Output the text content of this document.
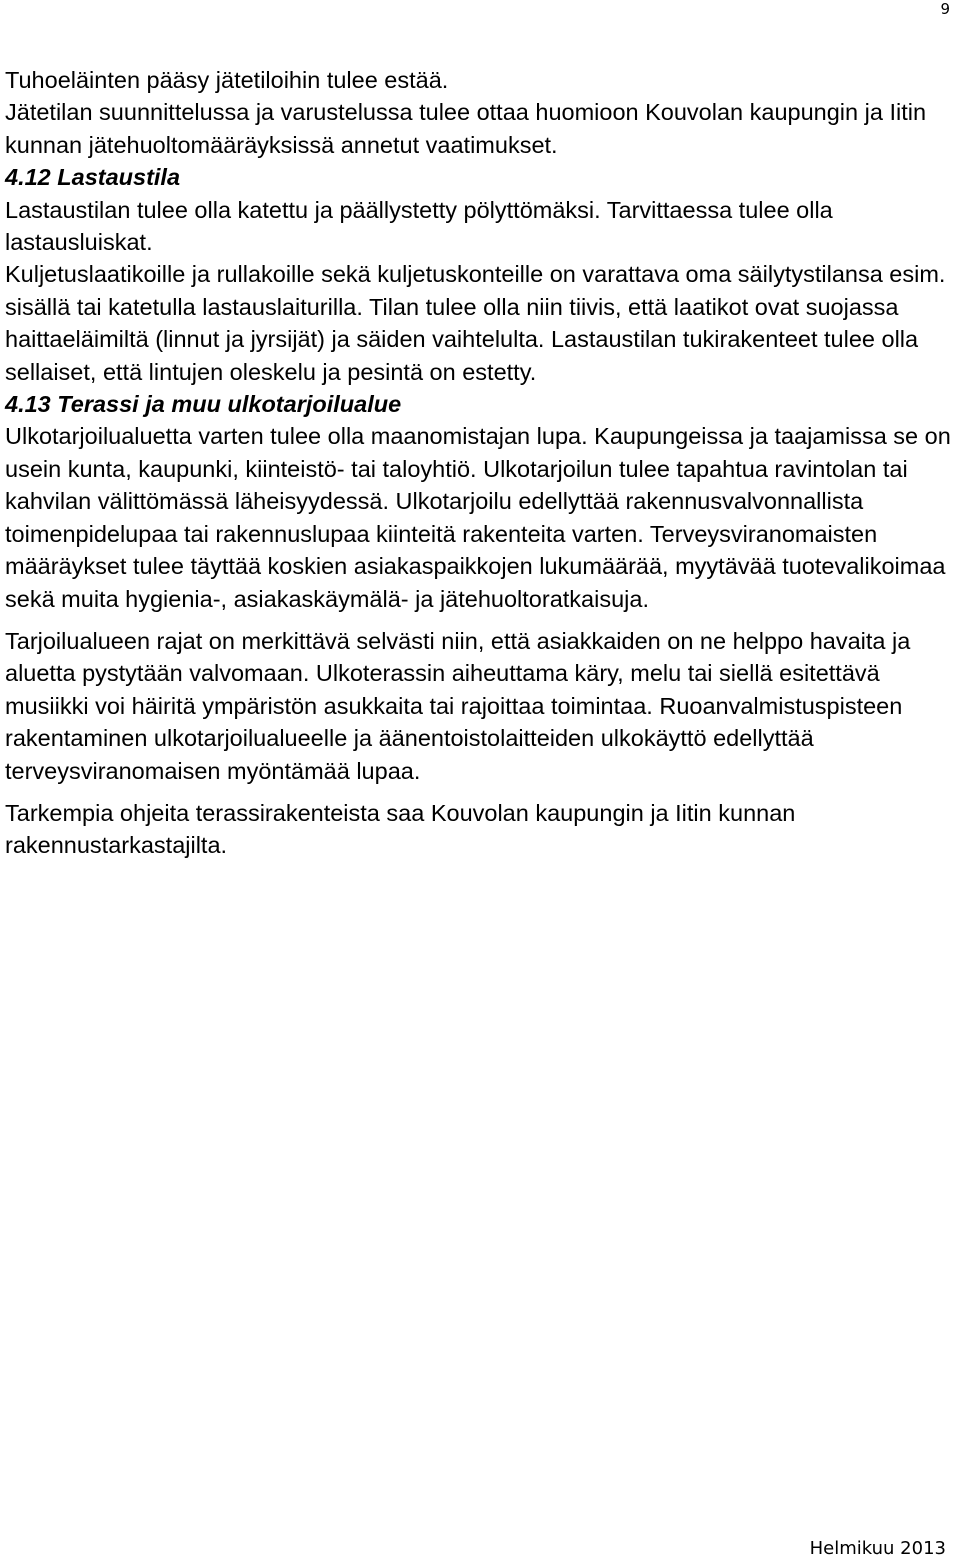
9

Tuhoeläinten pääsy jätetiloihin tulee estää.

Jätetilan suunnittelussa ja varustelussa tulee ottaa huomioon Kouvolan kaupungin ja Iitin kunnan jätehuoltomääräyksissä annetut vaatimukset.

4.12 Lastaustila
Lastaustilan tulee olla katettu ja päällystetty pölyttömäksi. Tarvittaessa tulee olla lastausluiskat.

Kuljetuslaatikoille ja rullakoille sekä kuljetuskonteille on varattava oma säilytystilansa esim. sisällä tai katetulla lastauslaiturilla. Tilan tulee olla niin tiivis, että laatikot ovat suojassa haittaeläimiltä (linnut ja jyrsijät) ja säiden vaihtelulta. Lastaustilan tukirakenteet tulee olla sellaiset, että lintujen oleskelu ja pesintä on estetty.

4.13 Terassi ja muu ulkotarjoilualue
Ulkotarjoilualuetta varten tulee olla maanomistajan lupa. Kaupungeissa ja taajamissa se on usein kunta, kaupunki, kiinteistö- tai taloyhtiö. Ulkotarjoilun tulee tapahtua ravintolan tai kahvilan välittömässä läheisyydessä. Ulkotarjoilu edellyttää rakennusvalvonnallista toimenpidelupaa tai rakennuslupaa kiinteitä rakenteita varten. Terveysviranomaisten määräykset tulee täyttää koskien asiakaspaikkojen lukumäärää, myytävää tuotevalikoimaa sekä muita hygienia-, asiakaskäymälä- ja jätehuoltoratkaisuja.

Tarjoilualueen rajat on merkittävä selvästi niin, että asiakkaiden on ne helppo havaita ja aluetta pystytään valvomaan. Ulkoterassin aiheuttama käry, melu tai siellä esitettävä musiikki voi häiritä ympäristön asukkaita tai rajoittaa toimintaa. Ruoanvalmistuspisteen rakentaminen ulkotarjoilualueelle ja äänentoistolaitteiden ulkokäyttö edellyttää terveysviranomaisen myöntämää lupaa.

Tarkempia ohjeita terassirakenteista saa Kouvolan kaupungin ja Iitin kunnan rakennustarkastajilta.

Helmikuu 2013
